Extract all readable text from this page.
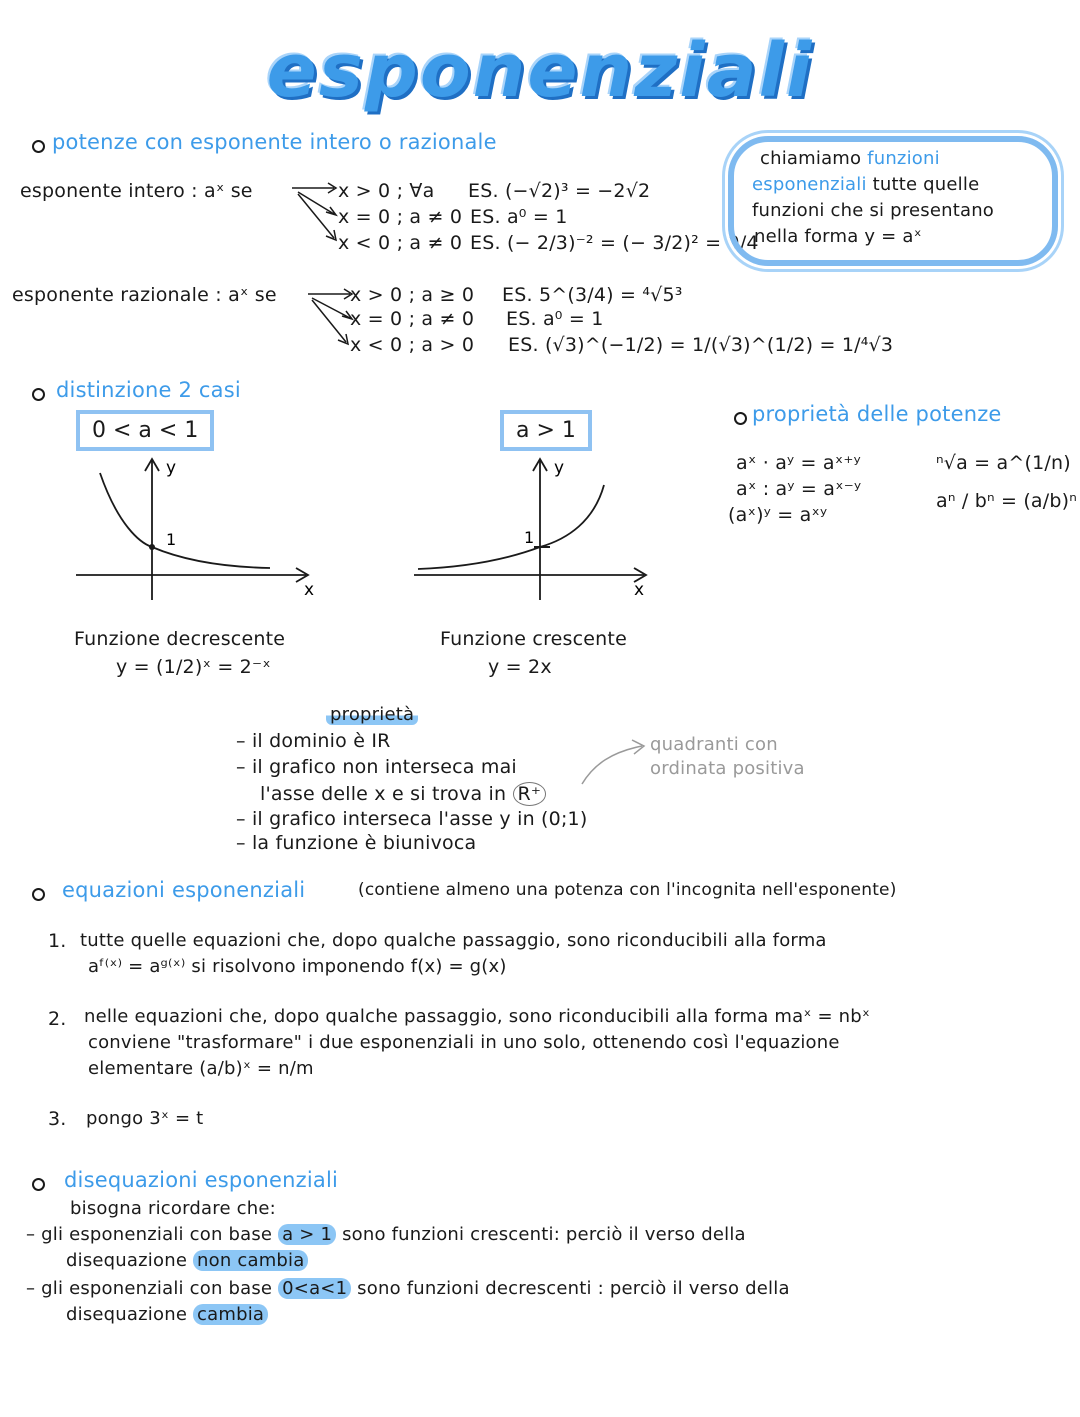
esponenziali
potenze con esponente intero o razionale
esponente intero : aˣ se	x > 0 ; ∀a ES. (−√2)³ = −2√2
x = 0 ; a ≠ 0 ES. a⁰ = 1
x < 0 ; a ≠ 0 ES. (− 2/3)⁻² = (− 3/2)² = 9/4
esponente razionale : aˣ se	x > 0 ; a ≥ 0 ES. 5^(3/4) = ⁴√5³
x = 0 ; a ≠ 0 ES. a⁰ = 1
x < 0 ; a > 0 ES. (√3)^(−1/2) = 1/(√3)^(1/2) = 1/⁴√3
chiamiamo funzioni
esponenziali tutte quelle
funzioni che si presentano
nella forma y = aˣ
distinzione 2 casi
0 < a < 1	a > 1
1
y
x
1
y
x
Funzione decrescente
y = (1/2)ˣ = 2⁻ˣ
Funzione crescente
y = 2x
proprietà delle potenze
aˣ · aʸ = aˣ⁺ʸ
aˣ : aʸ = aˣ⁻ʸ
(aˣ)ʸ = aˣʸ
ⁿ√a = a^(1/n)
aⁿ / bⁿ = (a/b)ⁿ
proprietà
– il dominio è IR
– il grafico non interseca mai
l'asse delle x e si trova in R⁺
– il grafico interseca l'asse y in (0;1)
– la funzione è biunivoca
quadranti con
ordinata positiva
equazioni esponenziali	(contiene almeno una potenza con l'incognita nell'esponente)
1. tutte quelle equazioni che, dopo qualche passaggio, sono riconducibili alla forma
aᶠ⁽ˣ⁾ = aᵍ⁽ˣ⁾ si risolvono imponendo f(x) = g(x)
2. nelle equazioni che, dopo qualche passaggio, sono riconducibili alla forma maˣ = nbˣ
conviene "trasformare" i due esponenziali in uno solo, ottenendo così l'equazione
elementare (a/b)ˣ = n/m
3. pongo 3ˣ = t
disequazioni esponenziali
bisogna ricordare che:
– gli esponenziali con base a > 1 sono funzioni crescenti: perciò il verso della
disequazione non cambia
– gli esponenziali con base 0<a<1 sono funzioni decrescenti : perciò il verso della
disequazione cambia
